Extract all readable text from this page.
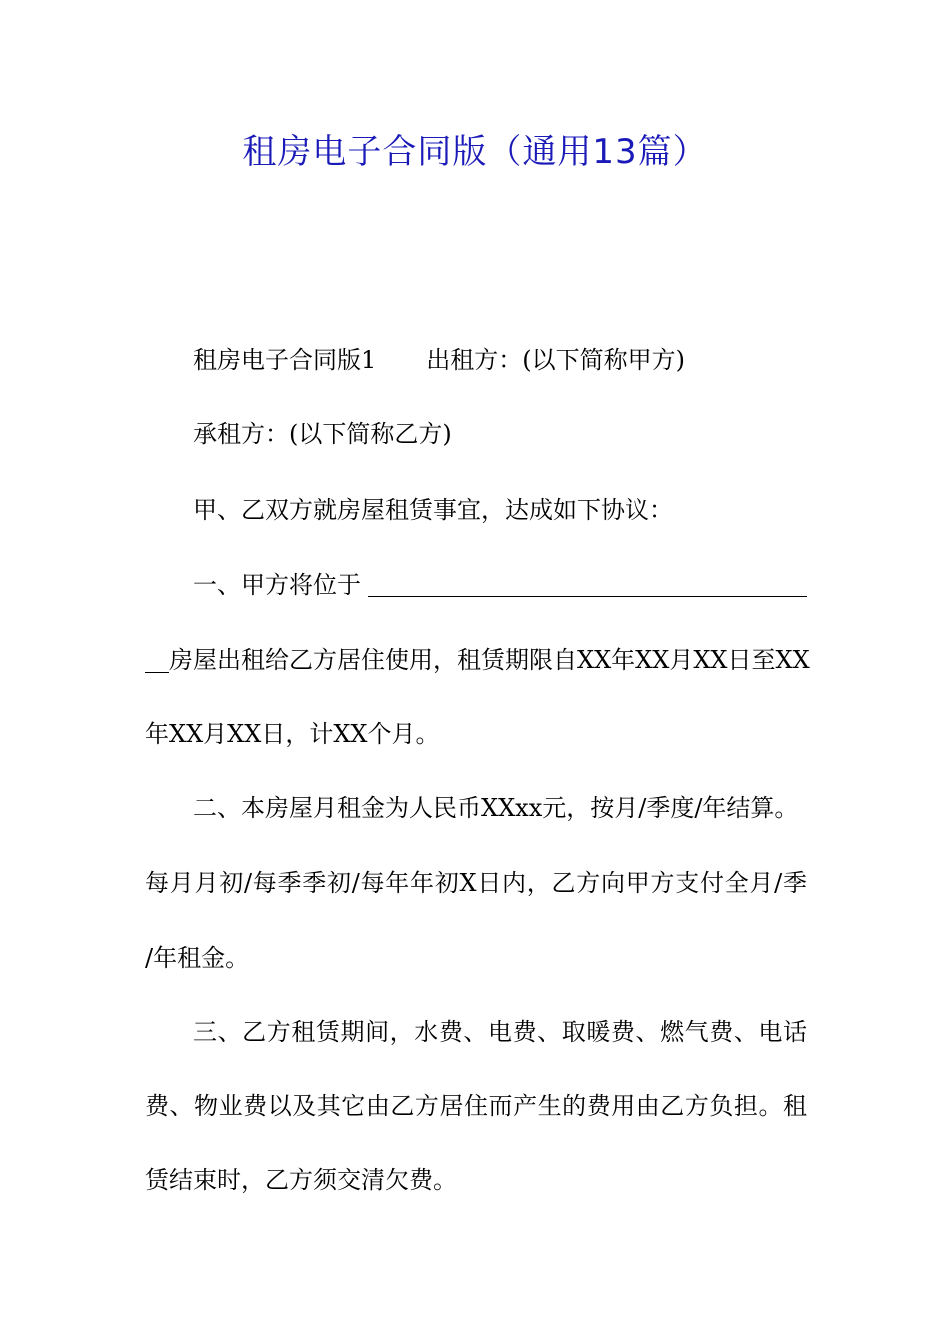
租房电子合同版（通用13篇）

租房电子合同版1 出租方：(以下简称甲方)

承租方：(以下简称乙方)

甲、乙双方就房屋租赁事宜，达成如下协议：

一、甲方将位于

房屋出租给乙方居住使用，租赁期限自XX年XX月XX日至XX

年XX月XX日，计XX个月。

二、本房屋月租金为人民币XXxx元，按月/季度/年结算。

每月月初/每季季初/每年年初X日内，乙方向甲方支付全月/季

/年租金。

三、乙方租赁期间，水费、电费、取暖费、燃气费、电话

费、物业费以及其它由乙方居住而产生的费用由乙方负担。租

赁结束时，乙方须交清欠费。
